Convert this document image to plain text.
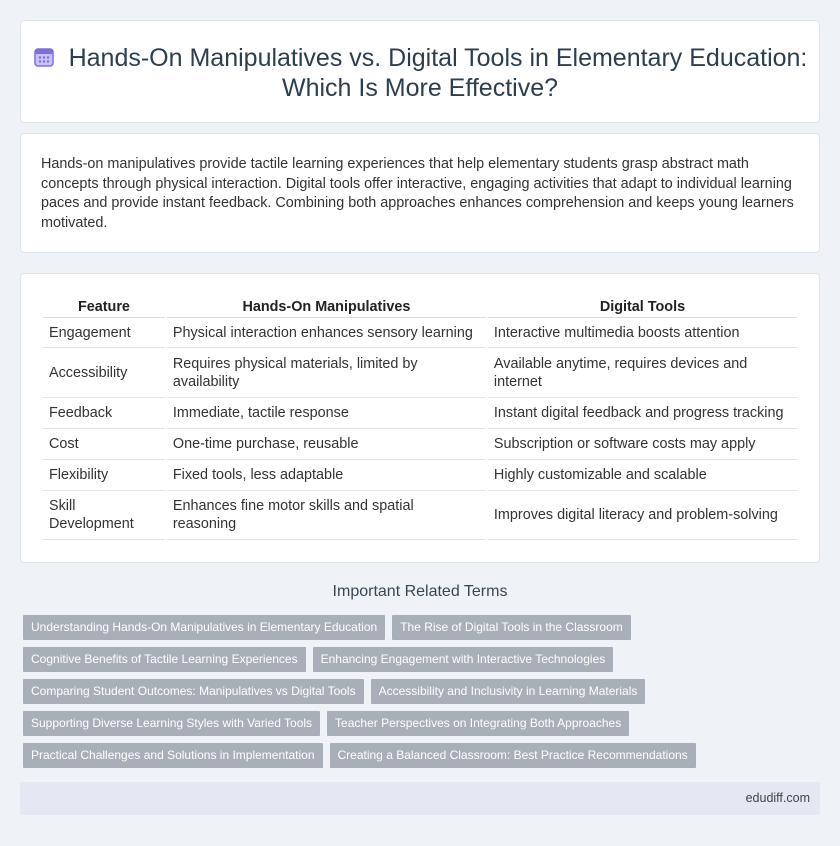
Hands-On Manipulatives vs. Digital Tools in Elementary Education:
Which Is More Effective?

Hands-on manipulatives provide tactile learning experiences that help elementary students grasp abstract math concepts through physical interaction. Digital tools offer interactive, engaging activities that adapt to individual learning paces and provide instant feedback. Combining both approaches enhances comprehension and keeps young learners motivated.

Feature	Hands-On Manipulatives	Digital Tools
Engagement	Physical interaction enhances sensory learning	Interactive multimedia boosts attention
Accessibility	Requires physical materials, limited by availability	Available anytime, requires devices and internet
Feedback	Immediate, tactile response	Instant digital feedback and progress tracking
Cost	One-time purchase, reusable	Subscription or software costs may apply
Flexibility	Fixed tools, less adaptable	Highly customizable and scalable
Skill Development	Enhances fine motor skills and spatial reasoning	Improves digital literacy and problem-solving
Important Related Terms
Understanding Hands-On Manipulatives in Elementary Education	The Rise of Digital Tools in the Classroom
Cognitive Benefits of Tactile Learning Experiences	Enhancing Engagement with Interactive Technologies
Comparing Student Outcomes: Manipulatives vs Digital Tools	Accessibility and Inclusivity in Learning Materials
Supporting Diverse Learning Styles with Varied Tools	Teacher Perspectives on Integrating Both Approaches
Practical Challenges and Solutions in Implementation	Creating a Balanced Classroom: Best Practice Recommendations
edudiff.com
